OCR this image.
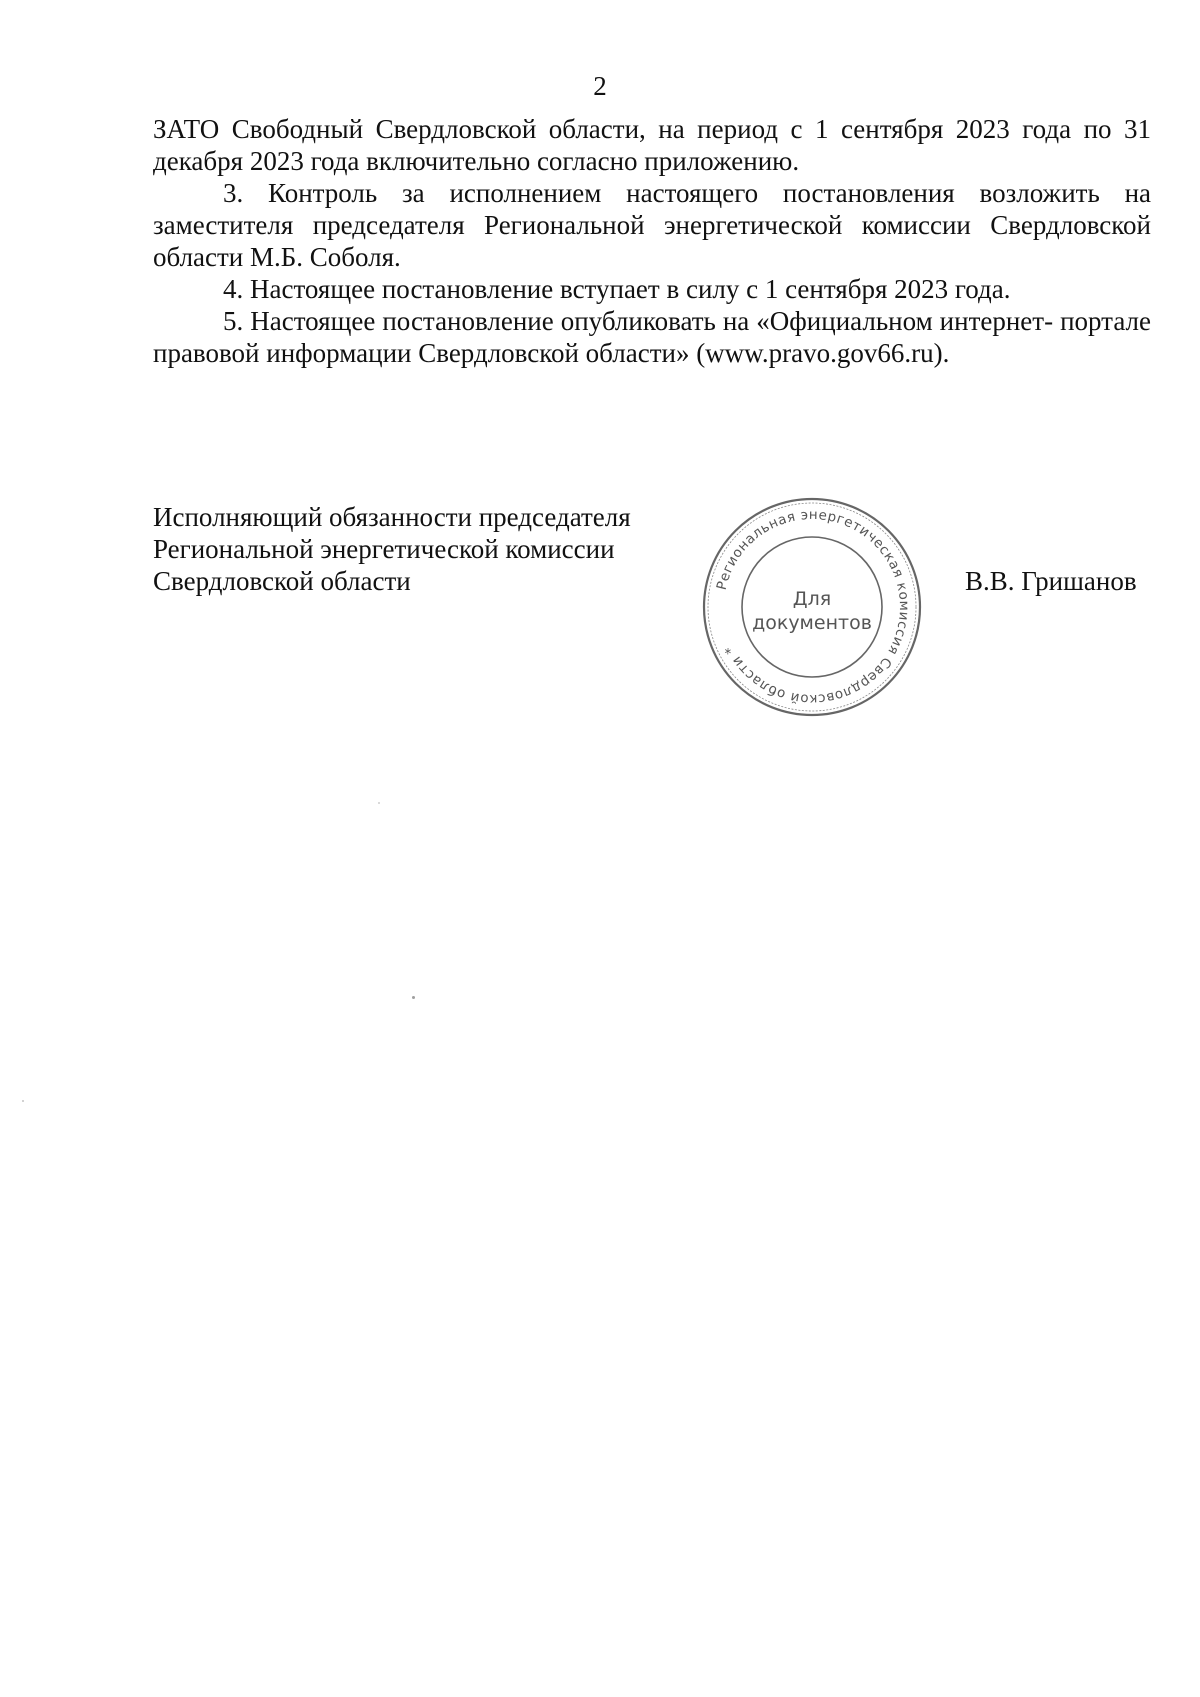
2

ЗАТО Свободный Свердловской области, на период с 1 сентября 2023 года по 31 декабря 2023 года включительно согласно приложению.

3. Контроль за исполнением настоящего постановления возложить на заместителя председателя Региональной энергетической комиссии Свердловской области М.Б. Соболя.

4. Настоящее постановление вступает в силу с 1 сентября 2023 года.

5. Настоящее постановление опубликовать на «Официальном интернет- портале правовой информации Свердловской области» (www.pravo.gov66.ru).

Исполняющий обязанности председателя
Региональной энергетической комиссии
Свердловской области	Региональная энергетическая комиссия Свердловской области *
Для
документов
В.В. Гришанов
